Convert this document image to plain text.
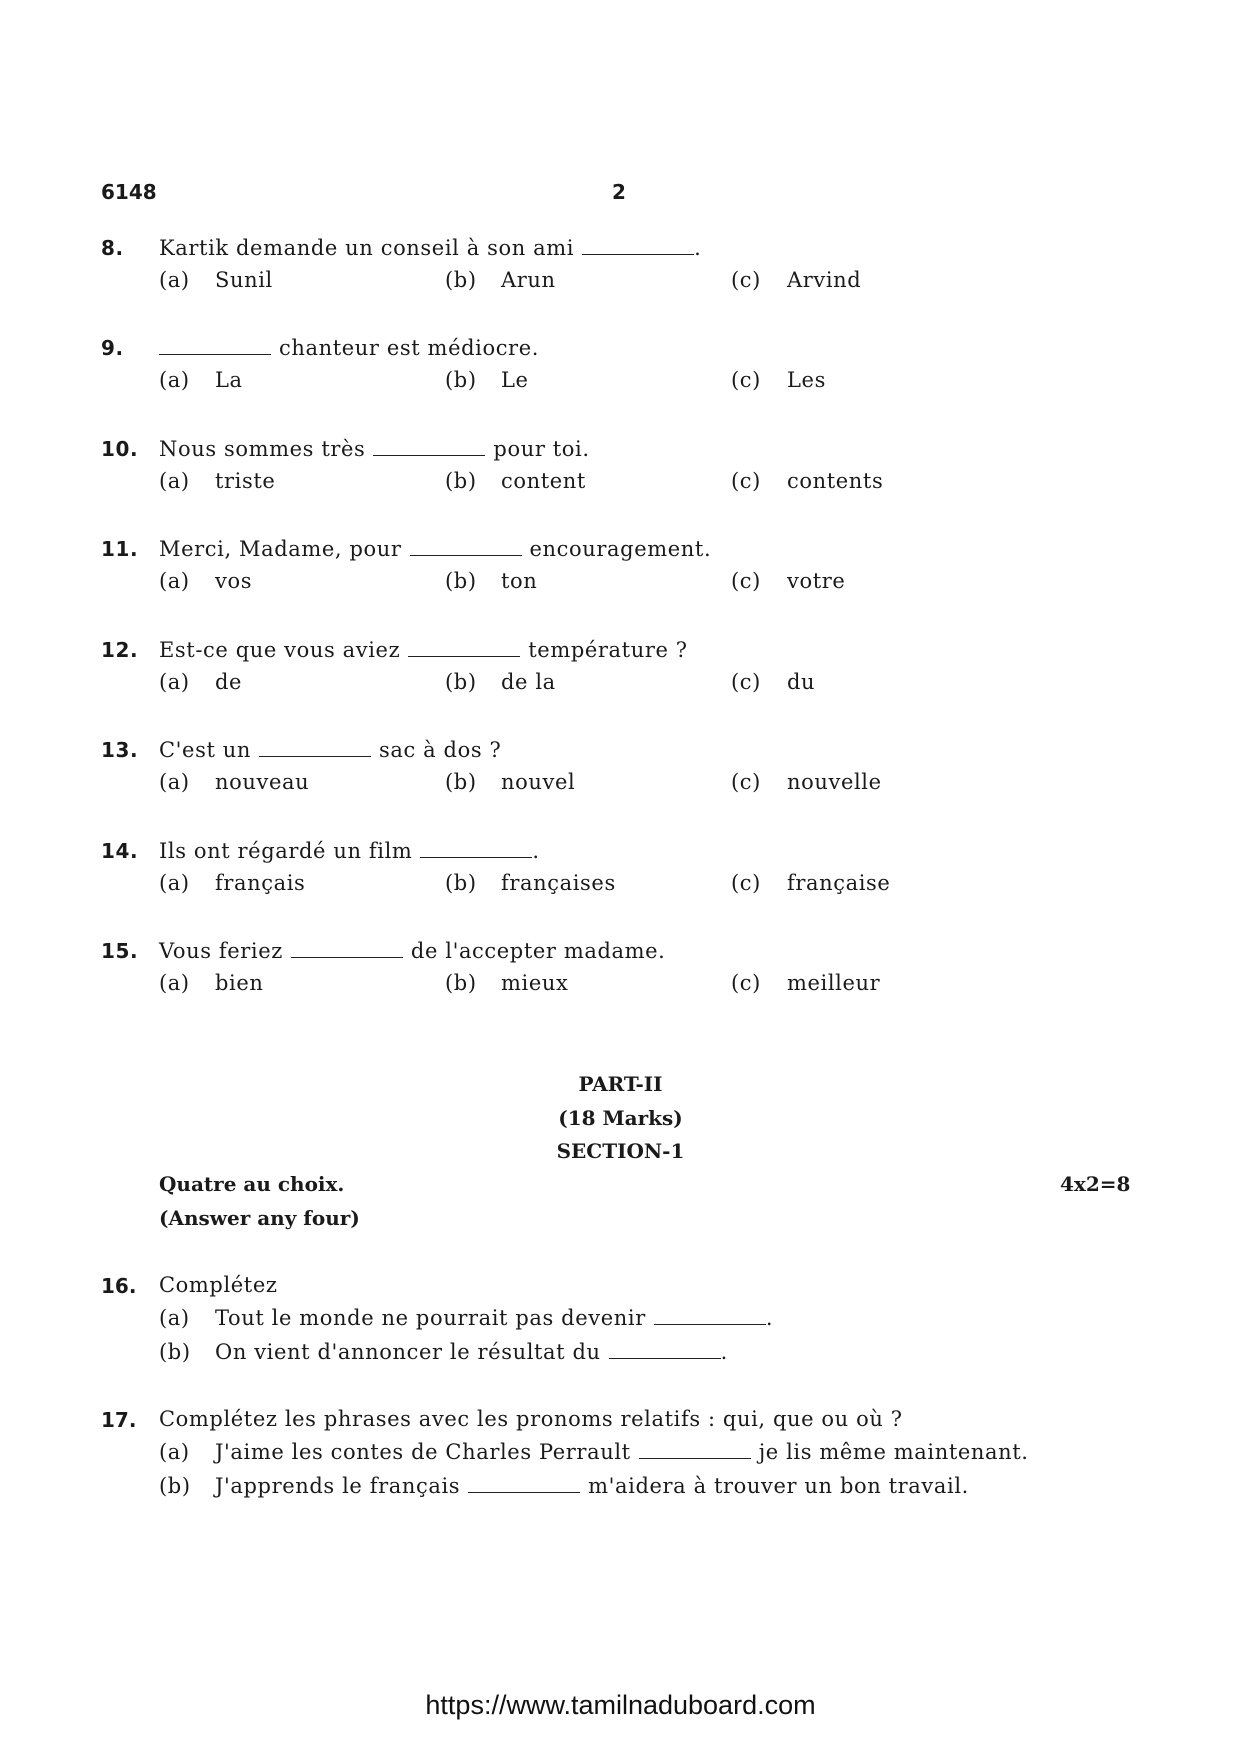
6148	2
8. Kartik demande un conseil à son ami	.
(a) Sunil	(b) Arun	(c) Arvind
9.	chanteur est médiocre.
(a) La	(b) Le	(c) Les
10. Nous sommes très	pour toi.
(a) triste	(b) content	(c) contents
11. Merci, Madame, pour	encouragement.
(a) vos	(b) ton	(c) votre
12. Est-ce que vous aviez	température ?
(a) de	(b) de la	(c) du
13. C'est un	sac à dos ?
(a) nouveau	(b) nouvel	(c) nouvelle
14. Ils ont régardé un film	.
(a) français	(b) françaises	(c) française
15. Vous feriez	de l'accepter madame.
(a) bien	(b) mieux	(c) meilleur
PART-II
(18 Marks)
SECTION-1
Quatre au choix.	4x2=8
(Answer any four)
16. Complétez
(a) Tout le monde ne pourrait pas devenir	.
(b) On vient d'annoncer le résultat du	.
17. Complétez les phrases avec les pronoms relatifs : qui, que ou où ?
(a) J'aime les contes de Charles Perrault	je lis même maintenant.
(b) J'apprends le français	m'aidera à trouver un bon travail.
https://www.tamilnaduboard.com
